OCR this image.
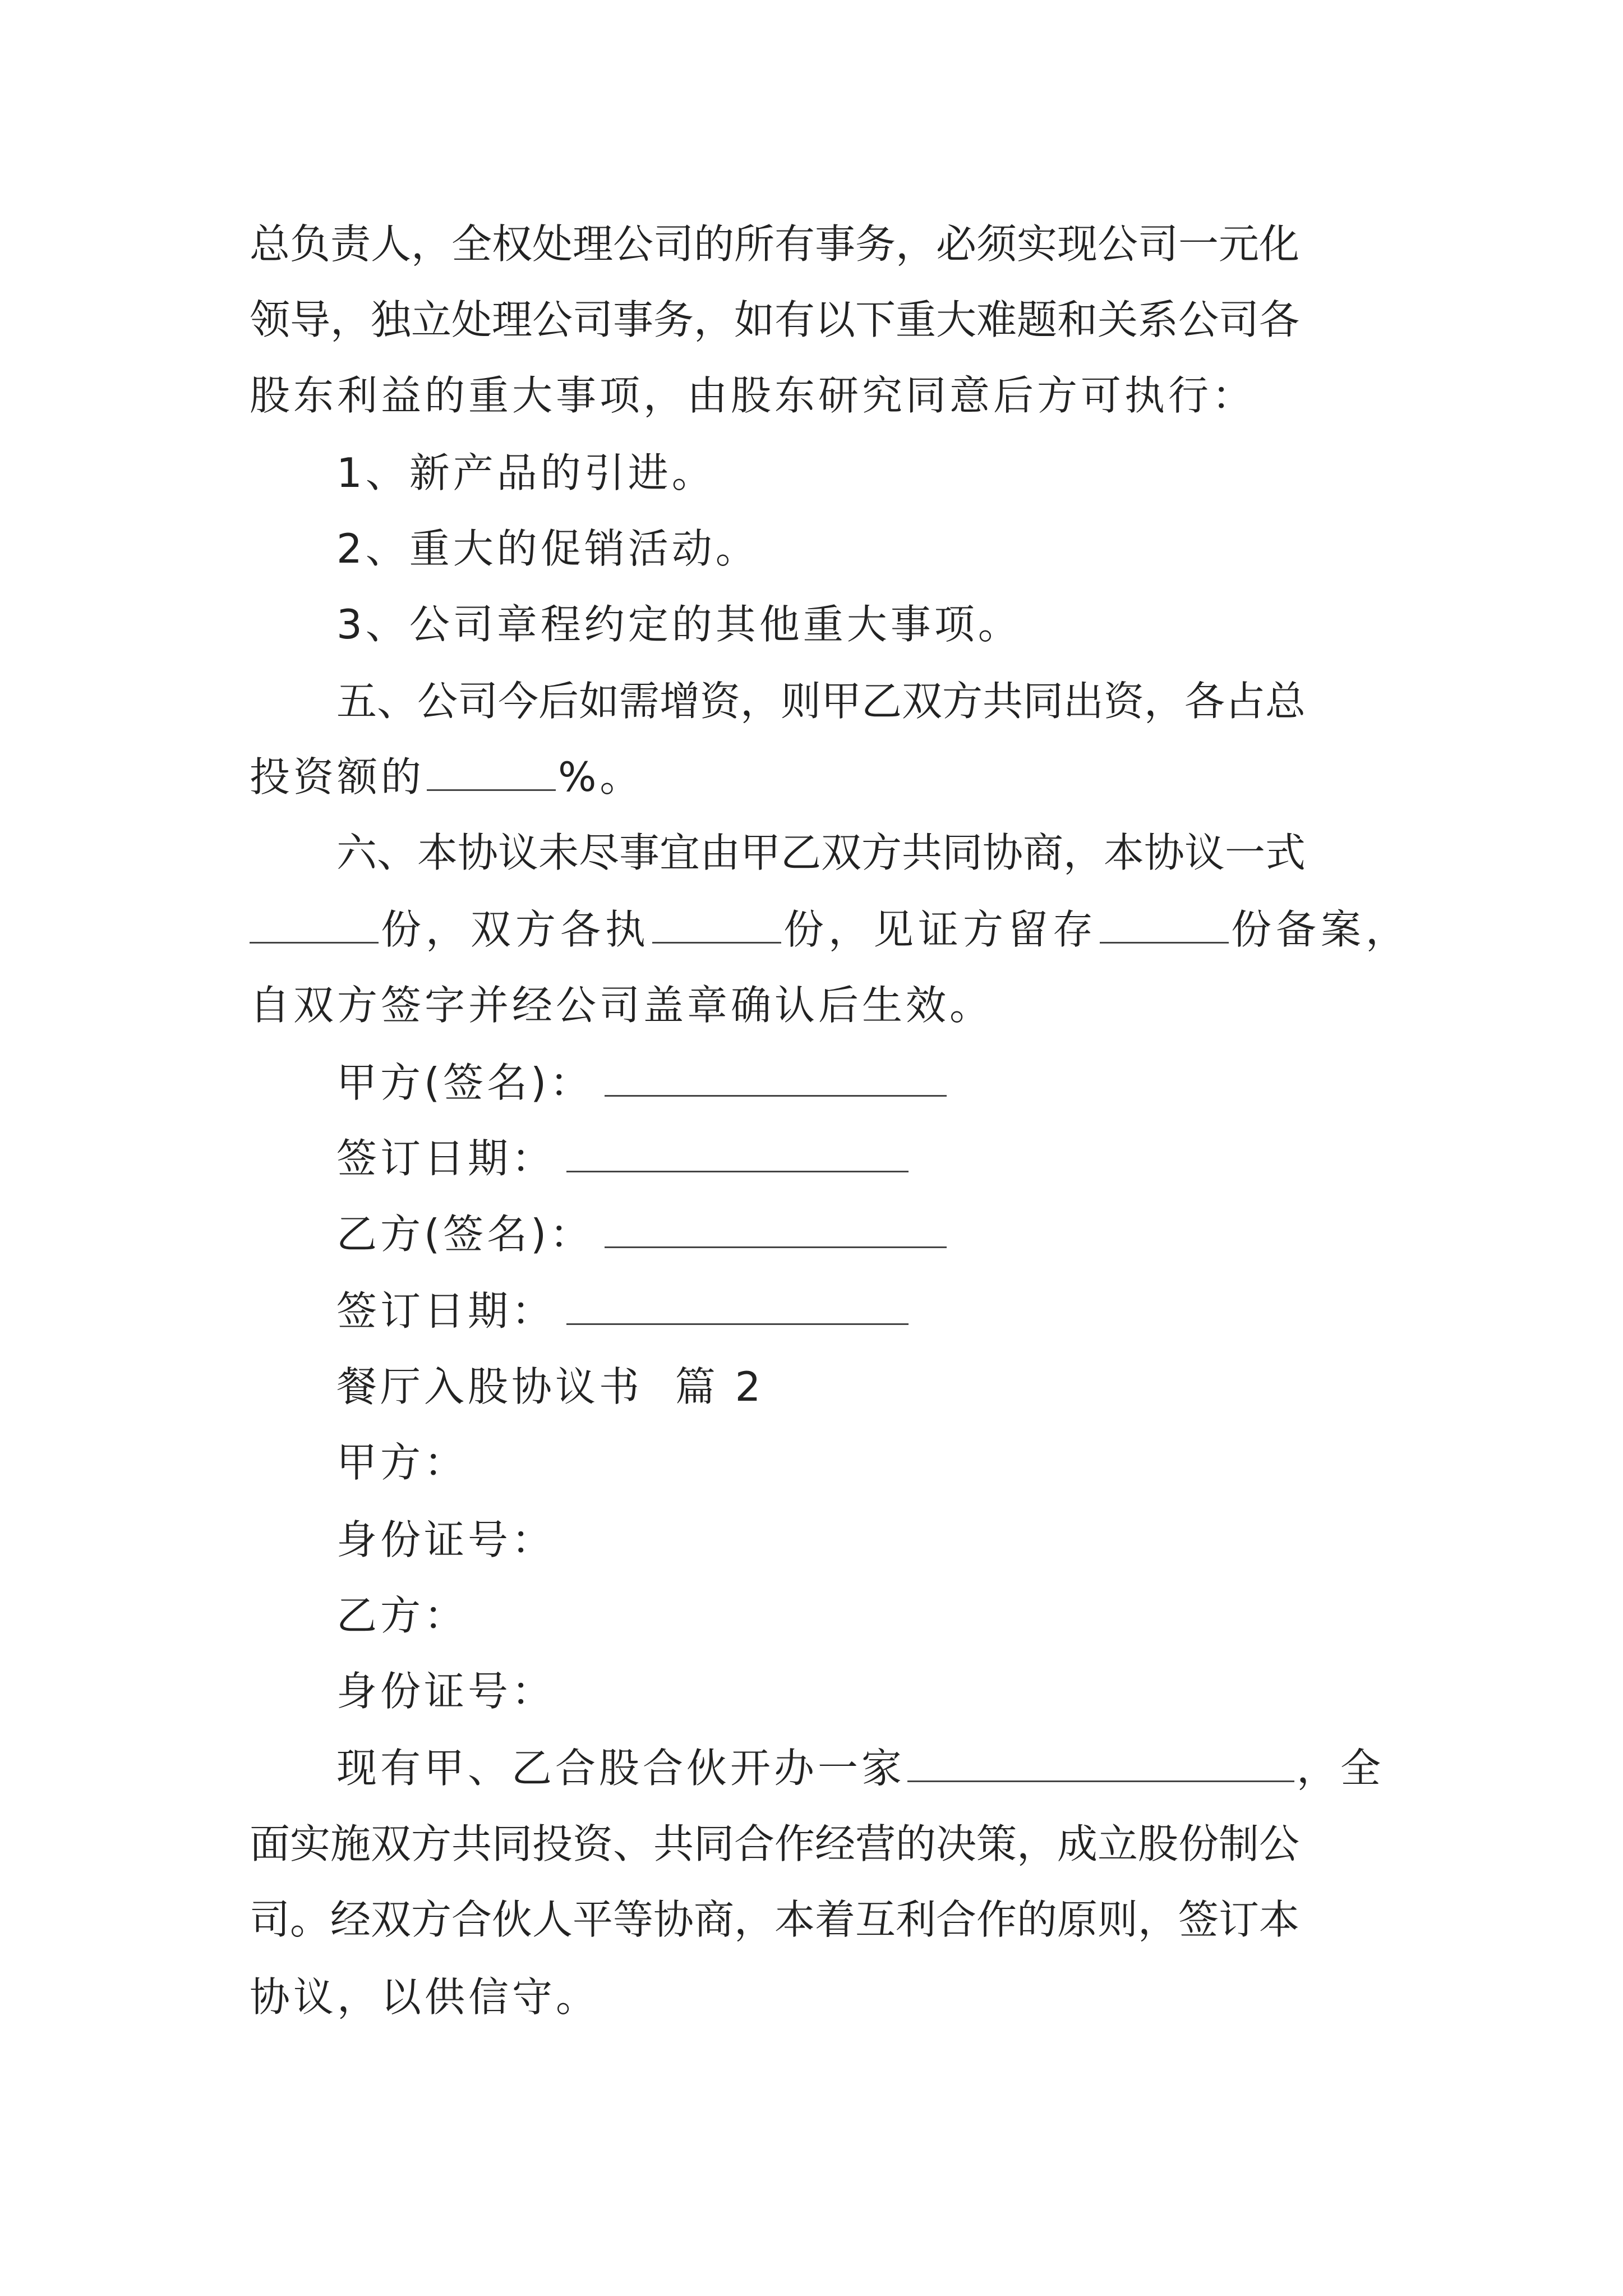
总负责人，全权处理公司的所有事务，必须实现公司一元化
领导，独立处理公司事务，如有以下重大难题和关系公司各
股东利益的重大事项，由股东研究同意后方可执行：
1、新产品的引进。
2、重大的促销活动。
3、公司章程约定的其他重大事项。
五、公司今后如需增资，则甲乙双方共同出资，各占总
投资额的	%。
六、本协议未尽事宜由甲乙双方共同协商，本协议一式
份，双方各执	份，见证方留存	份备案，
自双方签字并经公司盖章确认后生效。
甲方(签名)：
签订日期：
乙方(签名)：
签订日期：
餐厅入股协议书  篇 2
甲方：
身份证号：
乙方：
身份证号：
现有甲、乙合股合伙开办一家	，全
面实施双方共同投资、共同合作经营的决策，成立股份制公
司。经双方合伙人平等协商，本着互利合作的原则，签订本
协议，以供信守。
